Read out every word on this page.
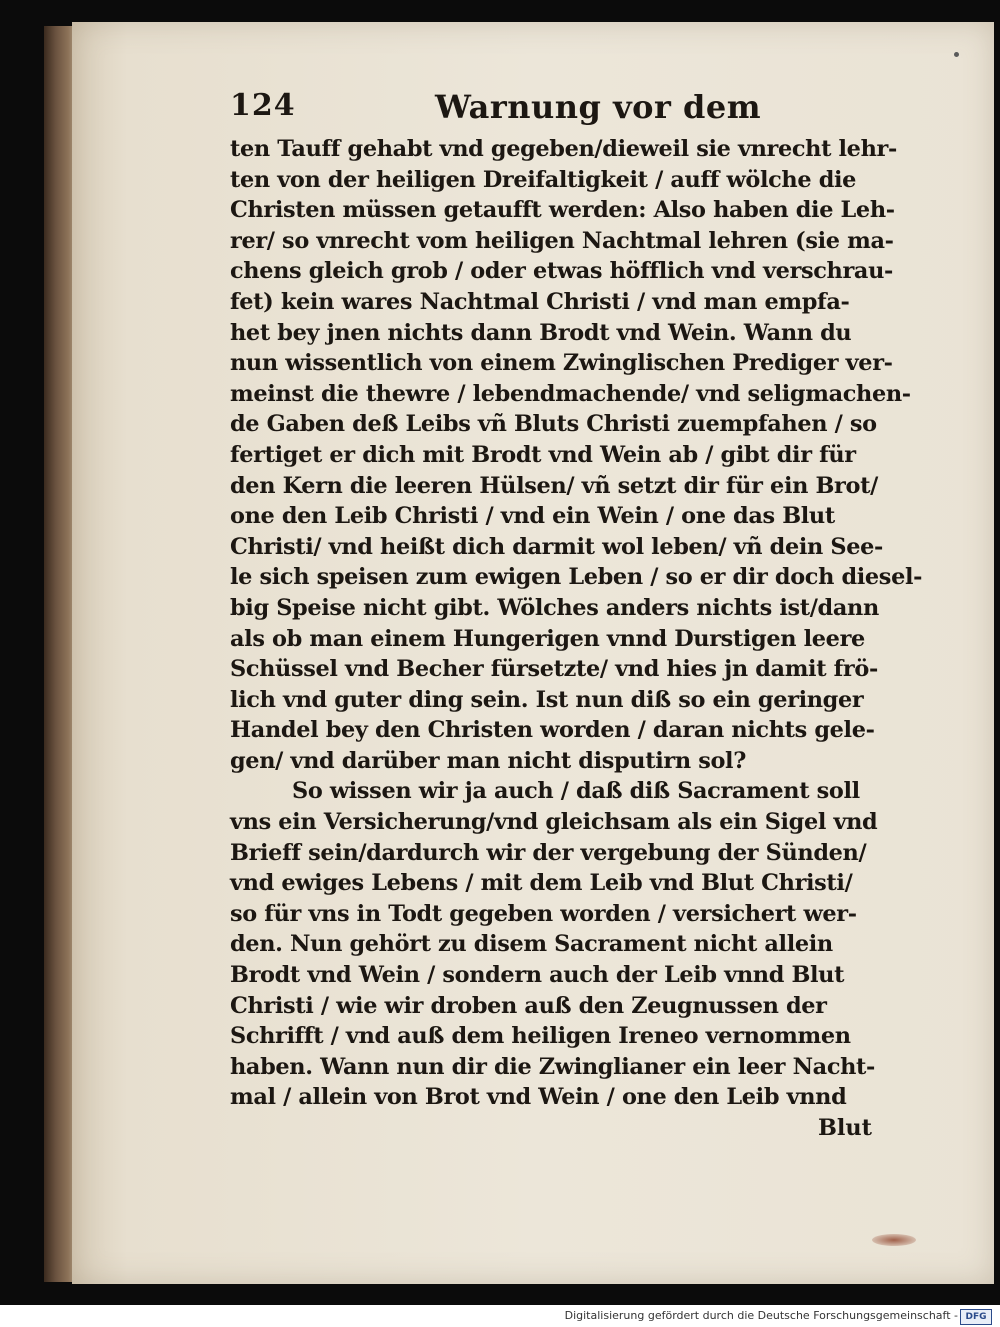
124	Warnung vor dem
ten Tauff gehabt vnd gegeben/dieweil sie vnrecht lehr-
ten von der heiligen Dreifaltigkeit / auff wölche die
Christen müssen getaufft werden: Also haben die Leh-
rer/ so vnrecht vom heiligen Nachtmal lehren (sie ma-
chens gleich grob / oder etwas höfflich vnd verschrau-
fet) kein wares Nachtmal Christi / vnd man empfa-
het bey jnen nichts dann Brodt vnd Wein. Wann du
nun wissentlich von einem Zwinglischen Prediger ver-
meinst die thewre / lebendmachende/ vnd seligmachen-
de Gaben deß Leibs vñ Bluts Christi zuempfahen / so
fertiget er dich mit Brodt vnd Wein ab / gibt dir für
den Kern die leeren Hülsen/ vñ setzt dir für ein Brot/
one den Leib Christi / vnd ein Wein / one das Blut
Christi/ vnd heißt dich darmit wol leben/ vñ dein See-
le sich speisen zum ewigen Leben / so er dir doch diesel-
big Speise nicht gibt. Wölches anders nichts ist/dann
als ob man einem Hungerigen vnnd Durstigen leere
Schüssel vnd Becher fürsetzte/ vnd hies jn damit frö-
lich vnd guter ding sein. Ist nun diß so ein geringer
Handel bey den Christen worden / daran nichts gele-
gen/ vnd darüber man nicht disputirn sol?
So wissen wir ja auch / daß diß Sacrament soll
vns ein Versicherung/vnd gleichsam als ein Sigel vnd
Brieff sein/dardurch wir der vergebung der Sünden/
vnd ewiges Lebens / mit dem Leib vnd Blut Christi/
so für vns in Todt gegeben worden / versichert wer-
den. Nun gehört zu disem Sacrament nicht allein
Brodt vnd Wein / sondern auch der Leib vnnd Blut
Christi / wie wir droben auß den Zeugnussen der
Schrifft / vnd auß dem heiligen Ireneo vernommen
haben. Wann nun dir die Zwinglianer ein leer Nacht-
mal / allein von Brot vnd Wein / one den Leib vnnd
Blut
Digitalisierung gefördert durch die Deutsche Forschungsgemeinschaft - DFG
